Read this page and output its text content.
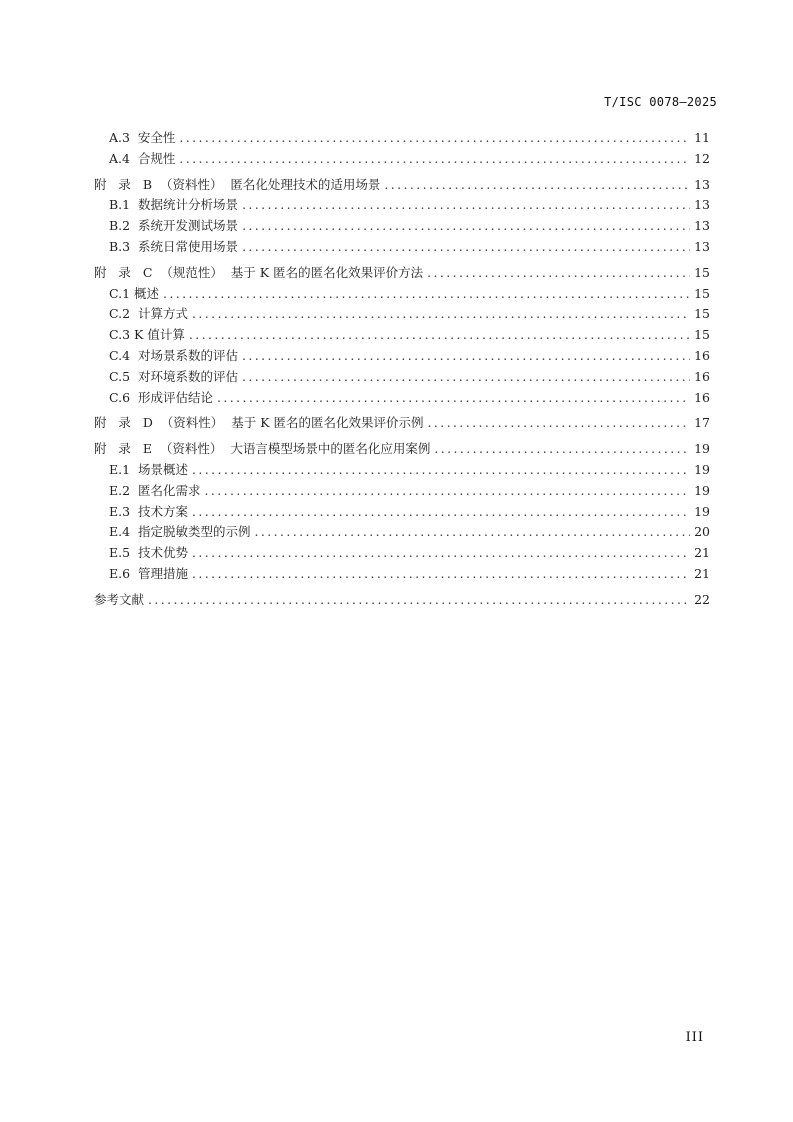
T/ISC 0078—2025
A.3  安全性 .....	11
A.4  合规性 .....	12
附   录   B  （资料性）  匿名化处理技术的适用场景 .....	13
B.1  数据统计分析场景 .....	13
B.2  系统开发测试场景 .....	13
B.3  系统日常使用场景 .....	13
附   录   C  （规范性）  基于 K 匿名的匿名化效果评价方法 .....	15
C.1 概述 .....	15
C.2  计算方式 .....	15
C.3 K 值计算 .....	15
C.4  对场景系数的评估 .....	16
C.5  对环境系数的评估 .....	16
C.6  形成评估结论 .....	16
附   录   D  （资料性）  基于 K 匿名的匿名化效果评价示例 .....	17
附   录   E  （资料性）  大语言模型场景中的匿名化应用案例 .....	19
E.1  场景概述 .....	19
E.2  匿名化需求 .....	19
E.3  技术方案 .....	19
E.4  指定脱敏类型的示例 .....	20
E.5  技术优势 .....	21
E.6  管理措施 .....	21
参考文献 .....	22
III
